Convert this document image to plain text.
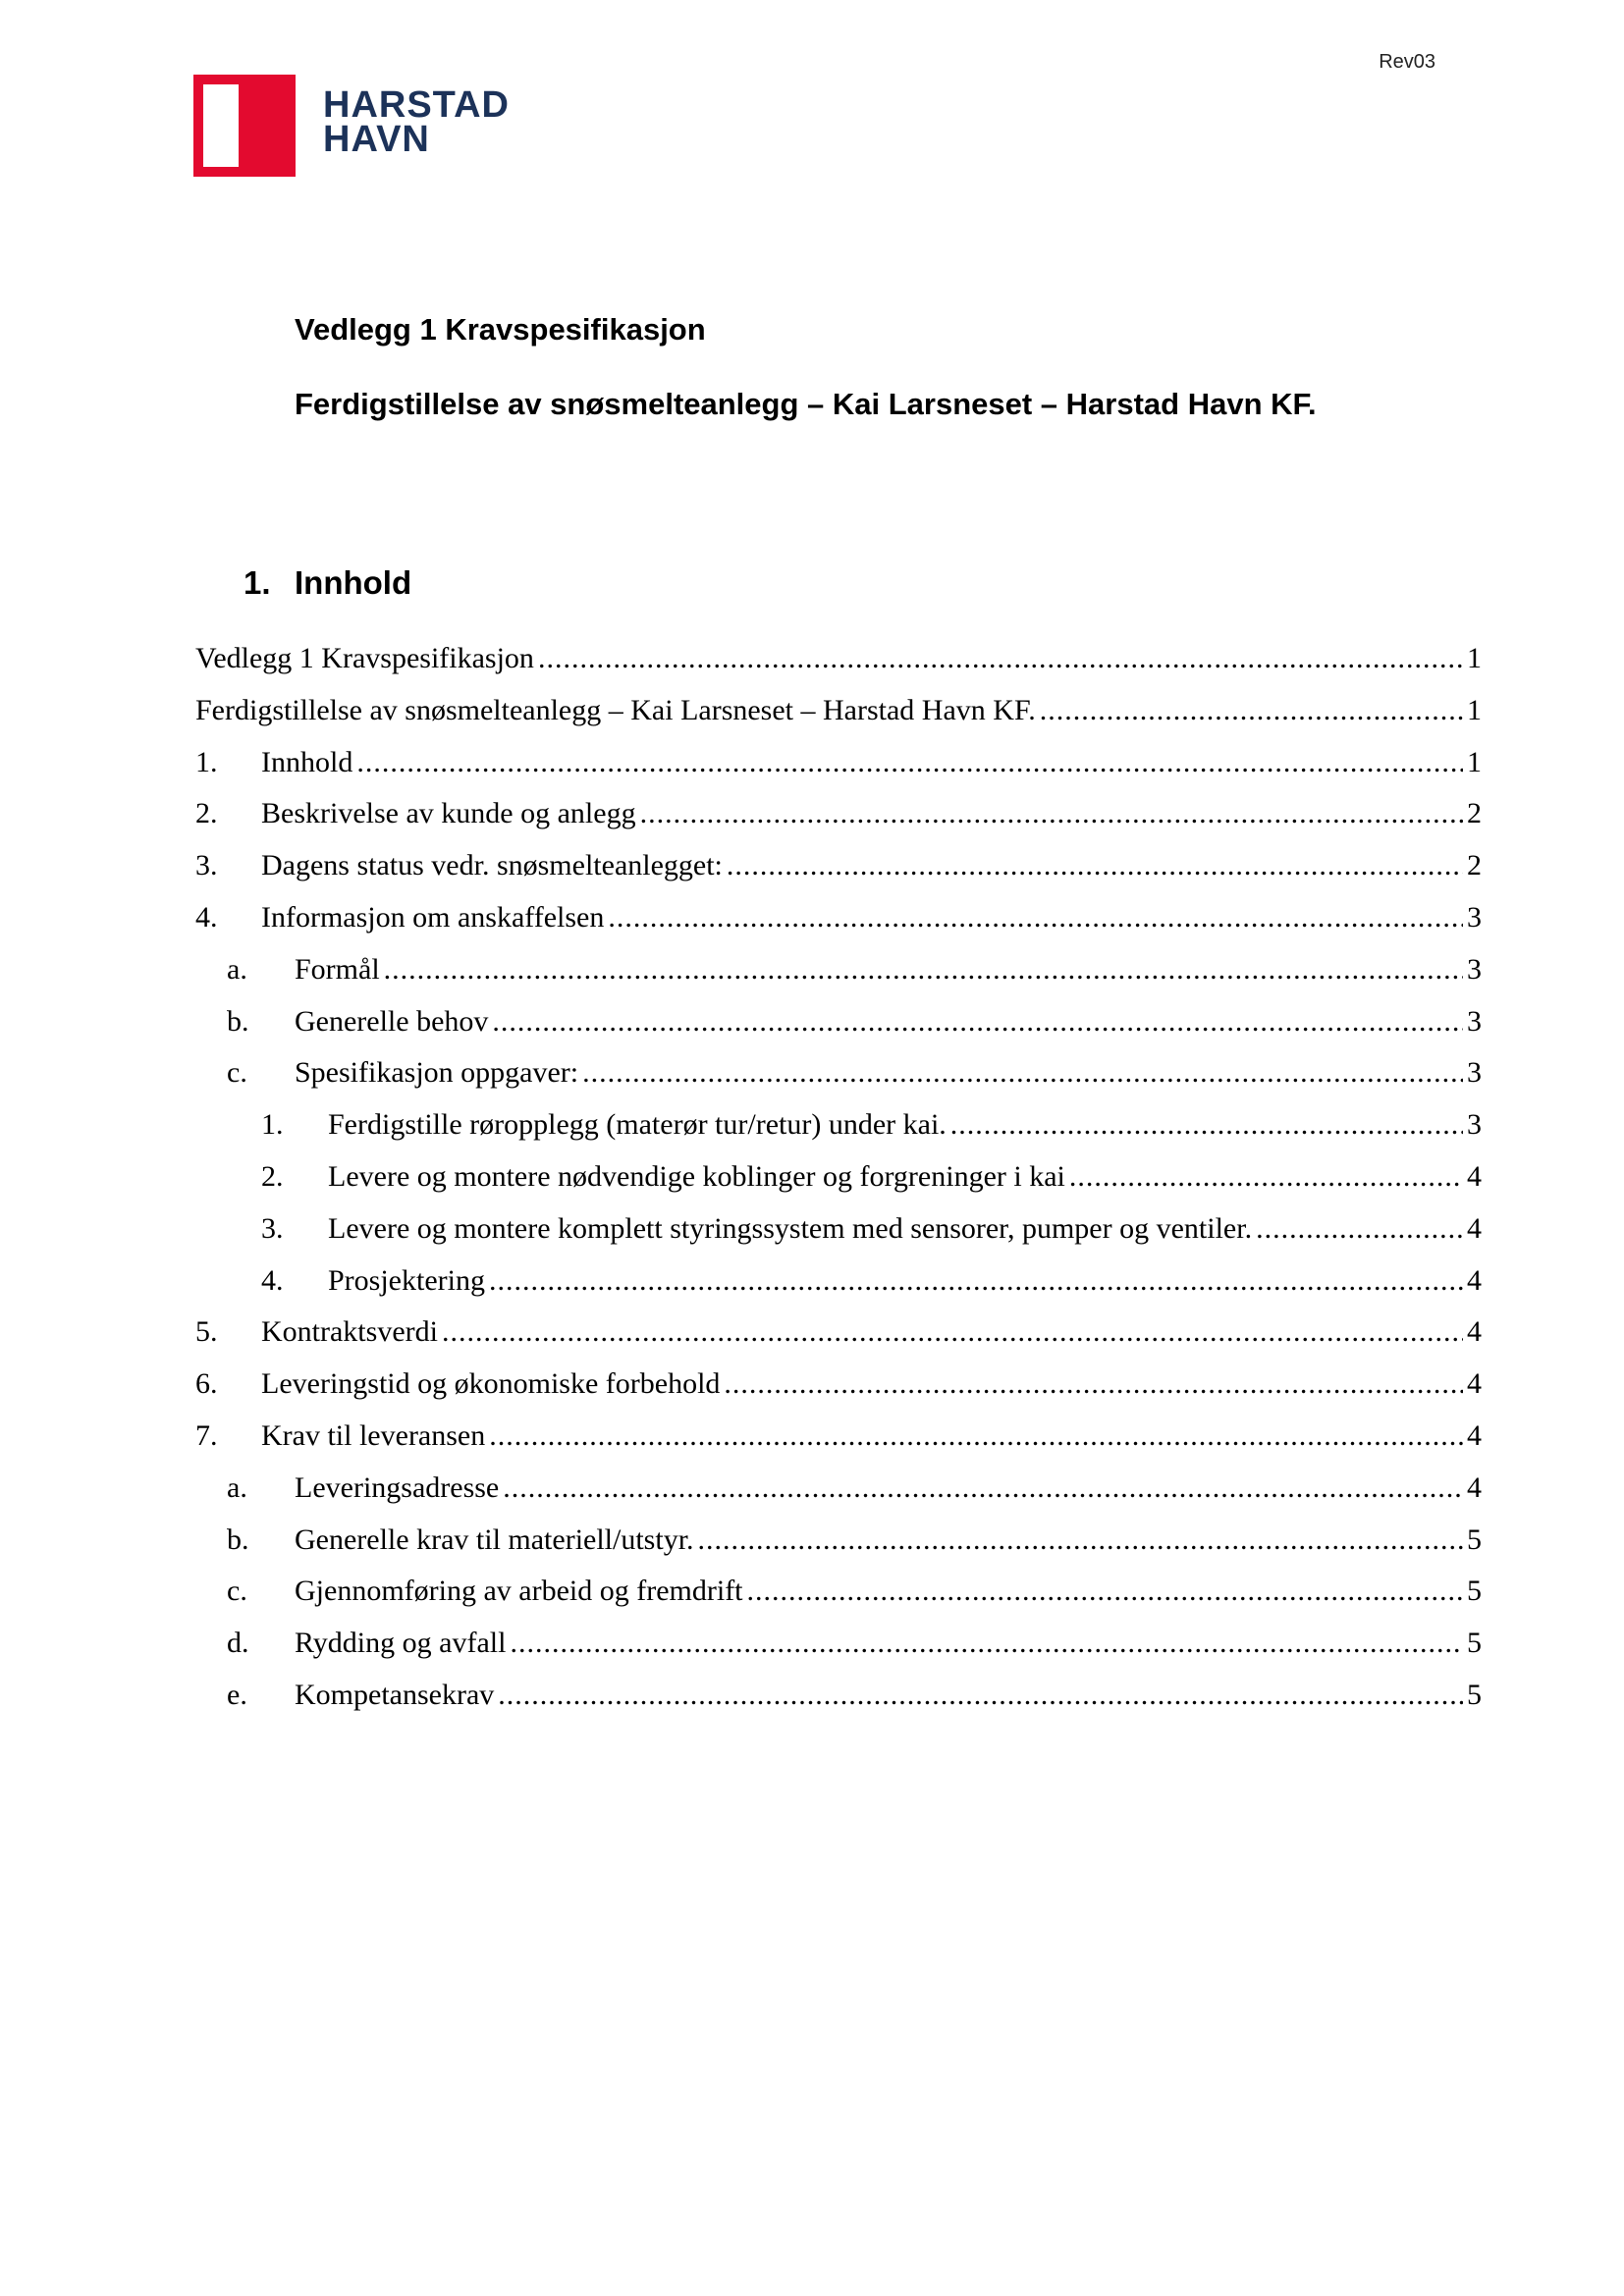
Rev03
HARSTAD
HAVN
Vedlegg 1 Kravspesifikasjon
Ferdigstillelse av snøsmelteanlegg – Kai Larsneset – Harstad Havn KF.
1. Innhold
Vedlegg 1 Kravspesifikasjon .....	1
Ferdigstillelse av snøsmelteanlegg – Kai Larsneset – Harstad Havn KF. .....	1
1.	Innhold .....	1
2.	Beskrivelse av kunde og anlegg .....	2
3.	Dagens status vedr. snøsmelteanlegget: .....	2
4.	Informasjon om anskaffelsen .....	3
a.	Formål .....	3
b.	Generelle behov .....	3
c.	Spesifikasjon oppgaver: .....	3
1.	Ferdigstille røropplegg (materør tur/retur) under kai. .....	3
2.	Levere og montere nødvendige koblinger og forgreninger i kai .....	4
3.	Levere og montere komplett styringssystem med sensorer, pumper og ventiler. .....	4
4.	Prosjektering .....	4
5.	Kontraktsverdi .....	4
6.	Leveringstid og økonomiske forbehold .....	4
7.	Krav til leveransen .....	4
a.	Leveringsadresse .....	4
b.	Generelle krav til materiell/utstyr. .....	5
c.	Gjennomføring av arbeid og fremdrift .....	5
d.	Rydding og avfall .....	5
e.	Kompetansekrav .....	5
